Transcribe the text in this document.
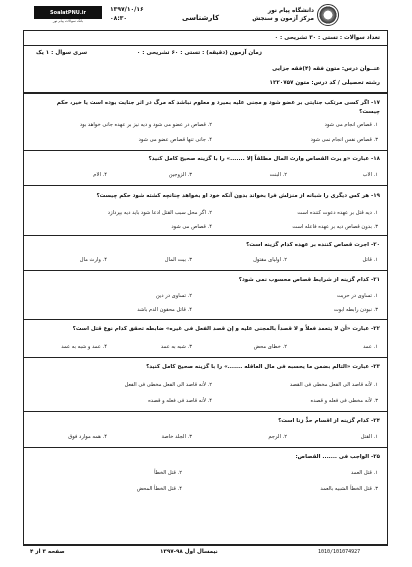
دانشگاه پیام نور
مرکز آزمون و سنجش
کارشناسی
SoalatPNU.ir
بانک سوالات پیام نور
۱۳۹۷/۱۰/۱۶
۰۸:۳۰
تعداد سوالات : تستی : ۳۰ تشریحی : ۰
زمان آزمون (دقیقه) : تستی : ۶۰ تشریحی : ۰
سری سوال : ۱ یک
عنــوان درس: متون فقه (۴)فقه جزایی
رشته تحصیلی / کد درس: متون ۱۲۲۰۷۵۷
۱۷- اگر کسی مرتکب جنایتی بر عضو شود و مجنی علیه بمیرد و معلوم نباشد که مرگ در اثر جنایت بوده است یا خیر، حکم چیست؟
۱. قصاص انجام می شود
۲. قصاص در عضو می شود و دیه نیز بر عهده جانی خواهد بود
۳. قصاص نفس انجام نمی شود
۴. جانی تنها قصاص عضو می شود
۱۸- عبارت «و یرث القصاص وارث المال مطلقاً إلا .......» را با گزینه صحیح کامل کنید؟
۱. الاب
۲. البنت
۳. الزوجین
۴. الام
۱۹- هر کس دیگری را شبانه از منزلش فرا بخواند بدون آنکه خود او بخواهد چنانچه کشته شود حکم چیست؟
۱. دیه قتل بر عهده دعوت کننده است
۲. اگر محل سبب القتل ادعا شود باید دیه بپردازد
۳. بدون قصاص دیه بر عهده فاعله است
۴. قصاص می شود
۲۰- اجرت قصاص کننده بر عهده کدام گزینه است؟
۱. قاتل
۲. اولیای مقتول
۳. بیت المال
۴. وارث مال
۲۱- کدام گزینه از شرایط قصاص محسوب نمی شود؟
۱. تساوی در حریت
۲. تساوی در دین
۳. نبودن رابطه ابوت
۴. قاتل محقون الدم باشد
۲۲- عبارت «أن لا یتعمد فعلاً و لا قصداً بالمجنی علیه و إن قصد الفعل فی غیره» ضابطه تحقق کدام نوع قتل است؟
۱. عمد
۲. خطای محض
۳. شبه به عمد
۴. عمد و شبه به عمد
۲۳- عبارت «التالم بضمن ما یحسبه فی مال العاقله .......» را با گزینه صحیح کامل کنید؟
۱. لأنه قاصد الی الفعل مخطی فی القصد
۲. لأنه قاصد الی الفعل مخطی فی الفعل
۳. لأنه مخطی فی فعله و قصده
۴. لأنه قاصد فی فعله و قصده
۲۴- کدام گزینه از اقسام حدٍّ زنا است؟
۱. القتل
۲. الرجم
۳. الجلد خاصة
۴. همه موارد فوق
۲۵- الواجب فی ....... القصاص:
۱. قتل العمد
۲. قتل الخطأ
۳. قتل الخطأ الشبیه بالعمد
۴. قتل الخطأ المحض
نیمسال اول ۹۸-۱۳۹۷
صفحه ۳ از ۴	1010/101074927
